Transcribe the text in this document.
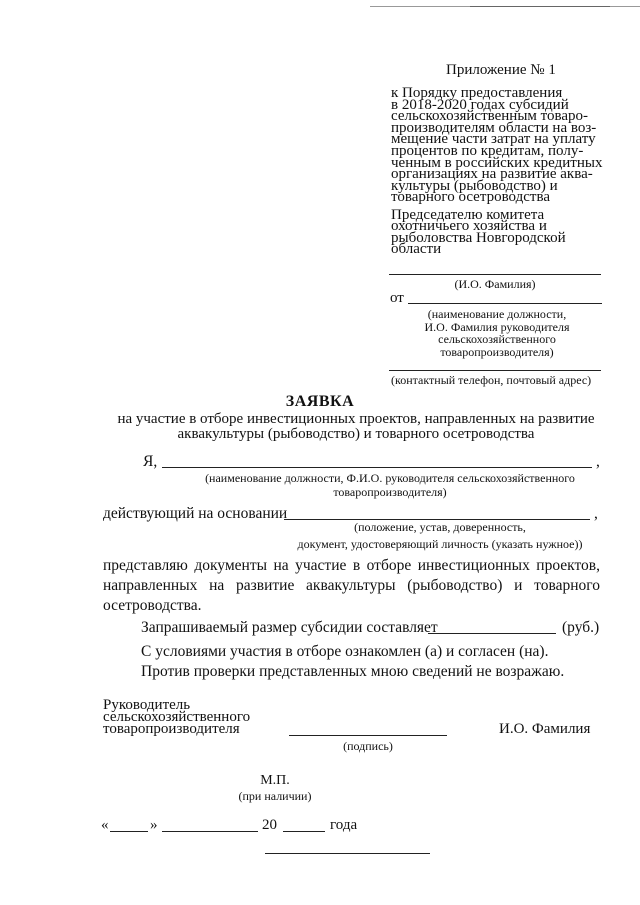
Приложение № 1

к Порядку предоставления

в 2018-2020 годах субсидий

сельскохозяйственным товаро-

производителям области на воз-

мещение части затрат на уплату

процентов по кредитам, полу-

ченным в российских кредитных

организациях на развитие аква-

культуры (рыбоводство) и

товарного осетроводства

Председателю комитета

охотничьего хозяйства и

рыболовства Новгородской

области

(И.О. Фамилия)
от
(наименование должности,
И.О. Фамилия руководителя
сельскохозяйственного
товаропроизводителя)
(контактный телефон, почтовый адрес)
ЗАЯВКА
на участие в отборе инвестиционных проектов, направленных на развитие
аквакультуры (рыбоводство) и товарного осетроводства
Я,	,
(наименование должности, Ф.И.О. руководителя сельскохозяйственного
товаропроизводителя)
действующий на основании	,
(положение, устав, доверенность,
документ, удостоверяющий личность (указать нужное))
представляю документы на участие в отборе инвестиционных проектов,
направленных на развитие аквакультуры (рыбоводство) и товарного
осетроводства.
Запрашиваемый размер субсидии составляет	(руб.)
С условиями участия в отборе ознакомлен (а) и согласен (на).
Против проверки представленных мною сведений не возражаю.
Руководитель
сельскохозяйственного
товаропроизводителя
(подпись)
И.О. Фамилия
М.П.
(при наличии)
«	»	20	года
